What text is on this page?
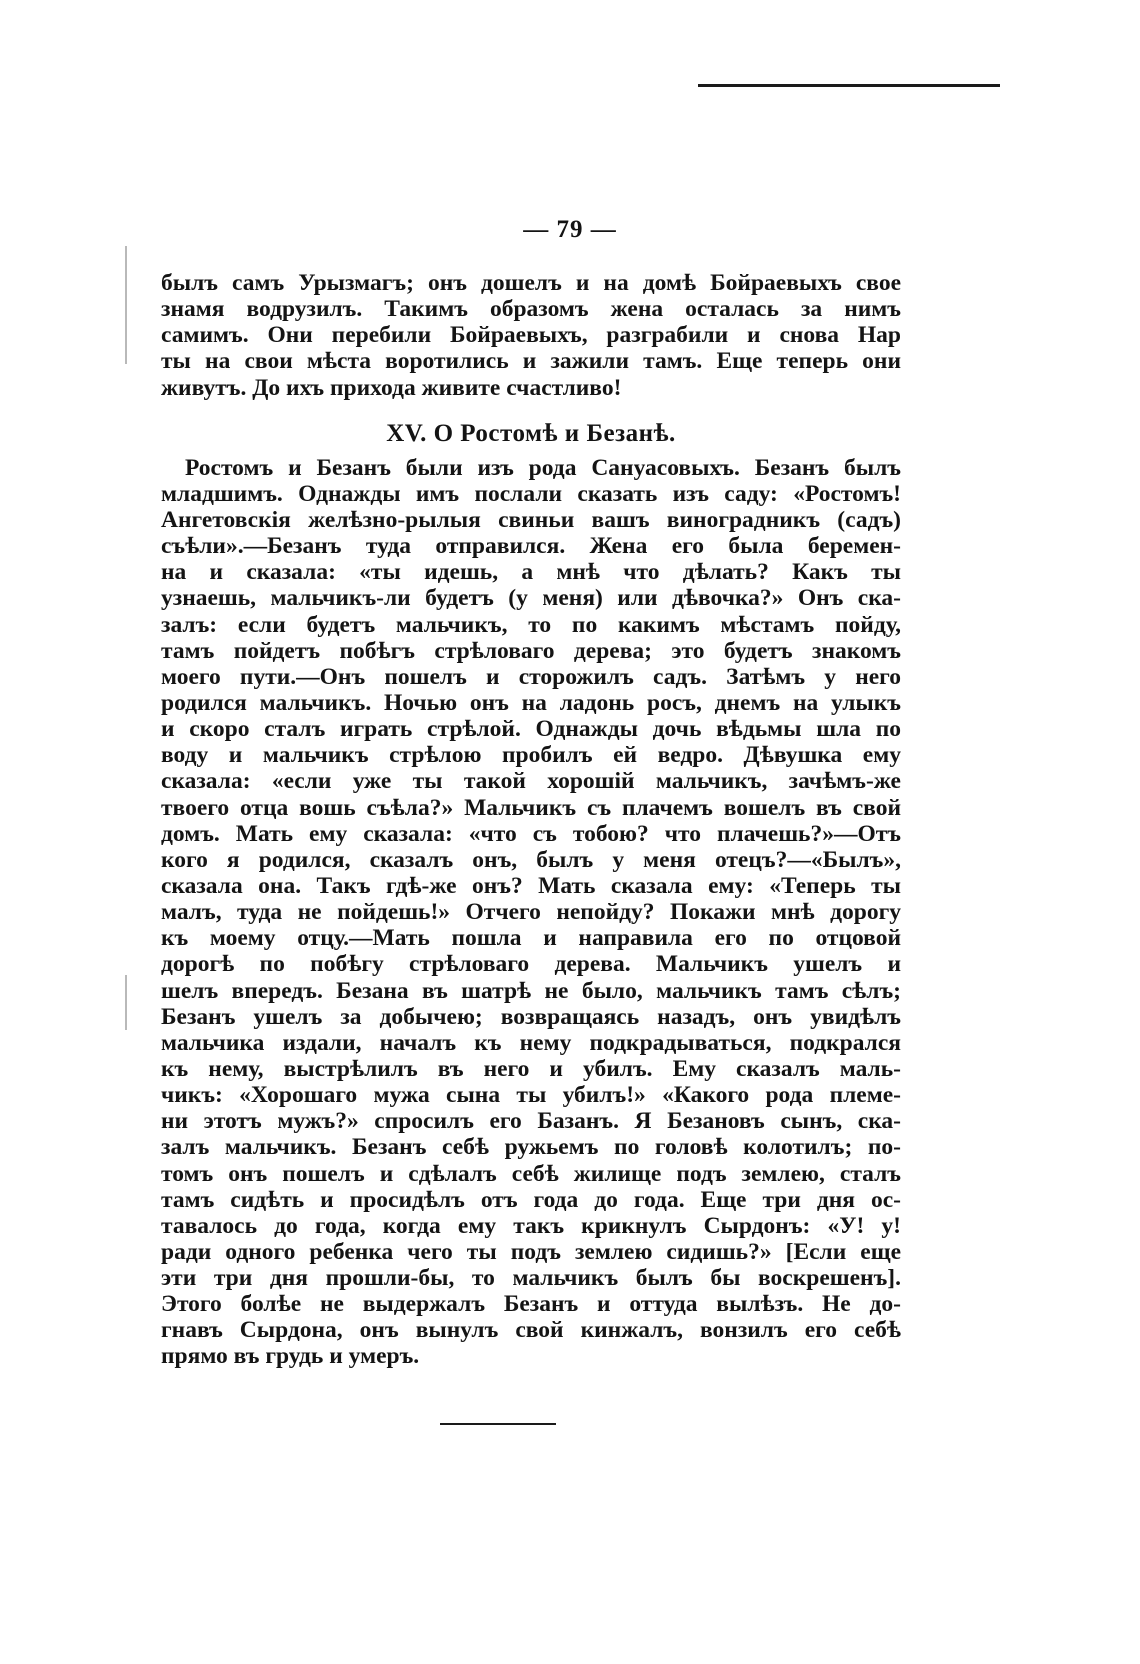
— 79 —
былъ самъ Урызмагъ; онъ дошелъ и на домѣ Бойраевыхъ свое
знамя водрузилъ. Такимъ образомъ жена осталась за нимъ
самимъ. Они перебили Бойраевыхъ, разграбили и снова Нар
ты на свои мѣста воротились и зажили тамъ. Еще теперь они
живутъ. До ихъ прихода живите счастливо!
XV. О Ростомѣ и Безанѣ.
Ростомъ и Безанъ были изъ рода Сануасовыхъ. Безанъ былъ
младшимъ. Однажды имъ послали сказать изъ саду: «Ростомъ!
Ангетовскія желѣзно-рылыя свиньи вашъ виноградникъ (садъ)
съѣли».—Безанъ туда отправился. Жена его была беремен-
на и сказала: «ты идешь, а мнѣ что дѣлать? Какъ ты
узнаешь, мальчикъ-ли будетъ (у меня) или дѣвочка?» Онъ ска-
залъ: если будетъ мальчикъ, то по какимъ мѣстамъ пойду,
тамъ пойдетъ побѣгъ стрѣловаго дерева; это будетъ знакомъ
моего пути.—Онъ пошелъ и сторожилъ садъ. Затѣмъ у него
родился мальчикъ. Ночью онъ на ладонь росъ, днемъ на улыкъ
и скоро сталъ играть стрѣлой. Однажды дочь вѣдьмы шла по
воду и мальчикъ стрѣлою пробилъ ей ведро. Дѣвушка ему
сказала: «если уже ты такой хорошій мальчикъ, зачѣмъ-же
твоего отца вошь съѣла?» Мальчикъ съ плачемъ вошелъ въ свой
домъ. Мать ему сказала: «что съ тобою? что плачешь?»—Отъ
кого я родился, сказалъ онъ, былъ у меня отецъ?—«Былъ»,
сказала она. Такъ гдѣ-же онъ? Мать сказала ему: «Теперь ты
малъ, туда не пойдешь!» Отчего непойду? Покажи мнѣ дорогу
къ моему отцу.—Мать пошла и направила его по отцовой
дорогѣ по побѣгу стрѣловаго дерева. Мальчикъ ушелъ и
шелъ впередъ. Безана въ шатрѣ не было, мальчикъ тамъ сѣлъ;
Безанъ ушелъ за добычею; возвращаясь назадъ, онъ увидѣлъ
мальчика издали, началъ къ нему подкрадываться, подкрался
къ нему, выстрѣлилъ въ него и убилъ. Ему сказалъ маль-
чикъ: «Хорошаго мужа сына ты убилъ!» «Какого рода племе-
ни этотъ мужъ?» спросилъ его Базанъ. Я Безановъ сынъ, ска-
залъ мальчикъ. Безанъ себѣ ружьемъ по головѣ колотилъ; по-
томъ онъ пошелъ и сдѣлалъ себѣ жилище подъ землею, сталъ
тамъ сидѣть и просидѣлъ отъ года до года. Еще три дня ос-
тавалось до года, когда ему такъ крикнулъ Сырдонъ: «У! у!
ради одного ребенка чего ты подъ землею сидишь?» [Если еще
эти три дня прошли-бы, то мальчикъ былъ бы воскрешенъ].
Этого болѣе не выдержалъ Безанъ и оттуда вылѣзъ. Не до-
гнавъ Сырдона, онъ вынулъ свой кинжалъ, вонзилъ его себѣ
прямо въ грудь и умеръ.
